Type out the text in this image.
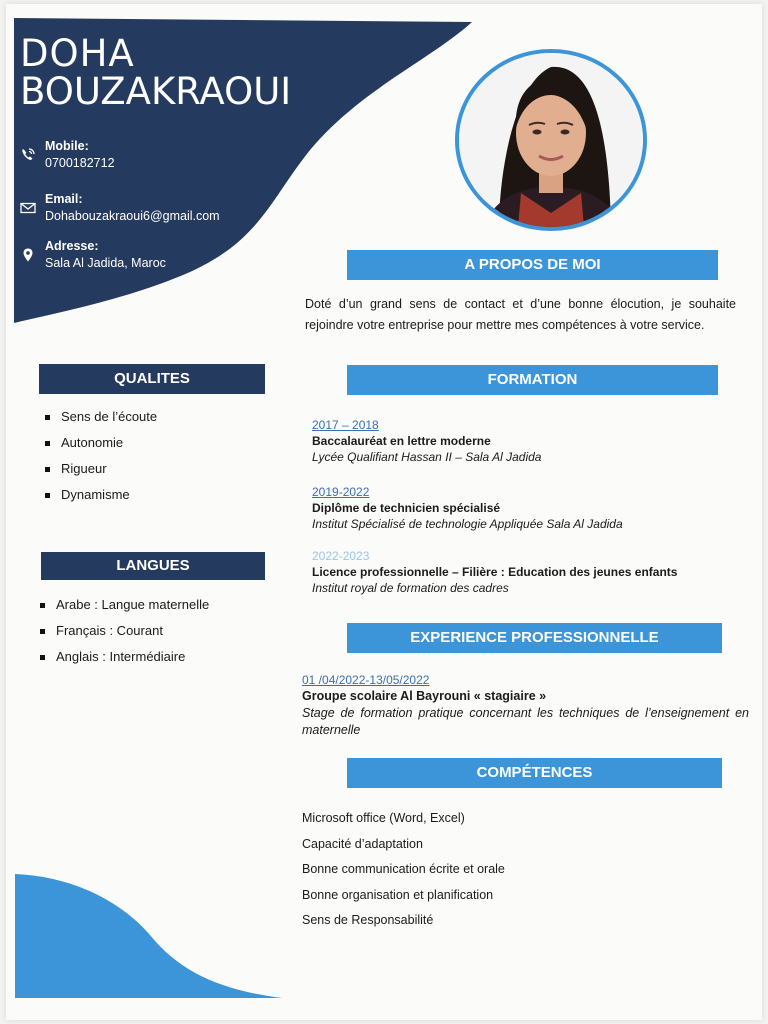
DOHA
BOUZAKRAOUI
Mobile:
0700182712
Email:
Dohabouzakraoui6@gmail.com
Adresse:
Sala Al Jadida, Maroc	A PROPOS DE MOI
Doté d’un grand sens de contact et d’une bonne élocution, je souhaite rejoindre votre entreprise pour mettre mes compétences à votre service.
QUALITES
Sens de l’écoute
Autonomie
Rigueur
Dynamisme
LANGUES
Arabe : Langue maternelle
Français : Courant
Anglais : Intermédiaire
FORMATION
2017 – 2018
Baccalauréat en lettre moderne
Lycée Qualifiant Hassan II – Sala Al Jadida
2019-2022
Diplôme de technicien spécialisé
Institut Spécialisé de technologie Appliquée Sala Al Jadida
2022-2023
Licence professionnelle – Filière : Education des jeunes enfants
Institut royal de formation des cadres
EXPERIENCE PROFESSIONNELLE
01 /04/2022-13/05/2022
Groupe scolaire Al Bayrouni « stagiaire »
Stage de formation pratique concernant les techniques de l’enseignement en maternelle
COMPÉTENCES
Microsoft office (Word, Excel)
Capacité d’adaptation
Bonne communication écrite et orale
Bonne organisation et planification
Sens de Responsabilité
